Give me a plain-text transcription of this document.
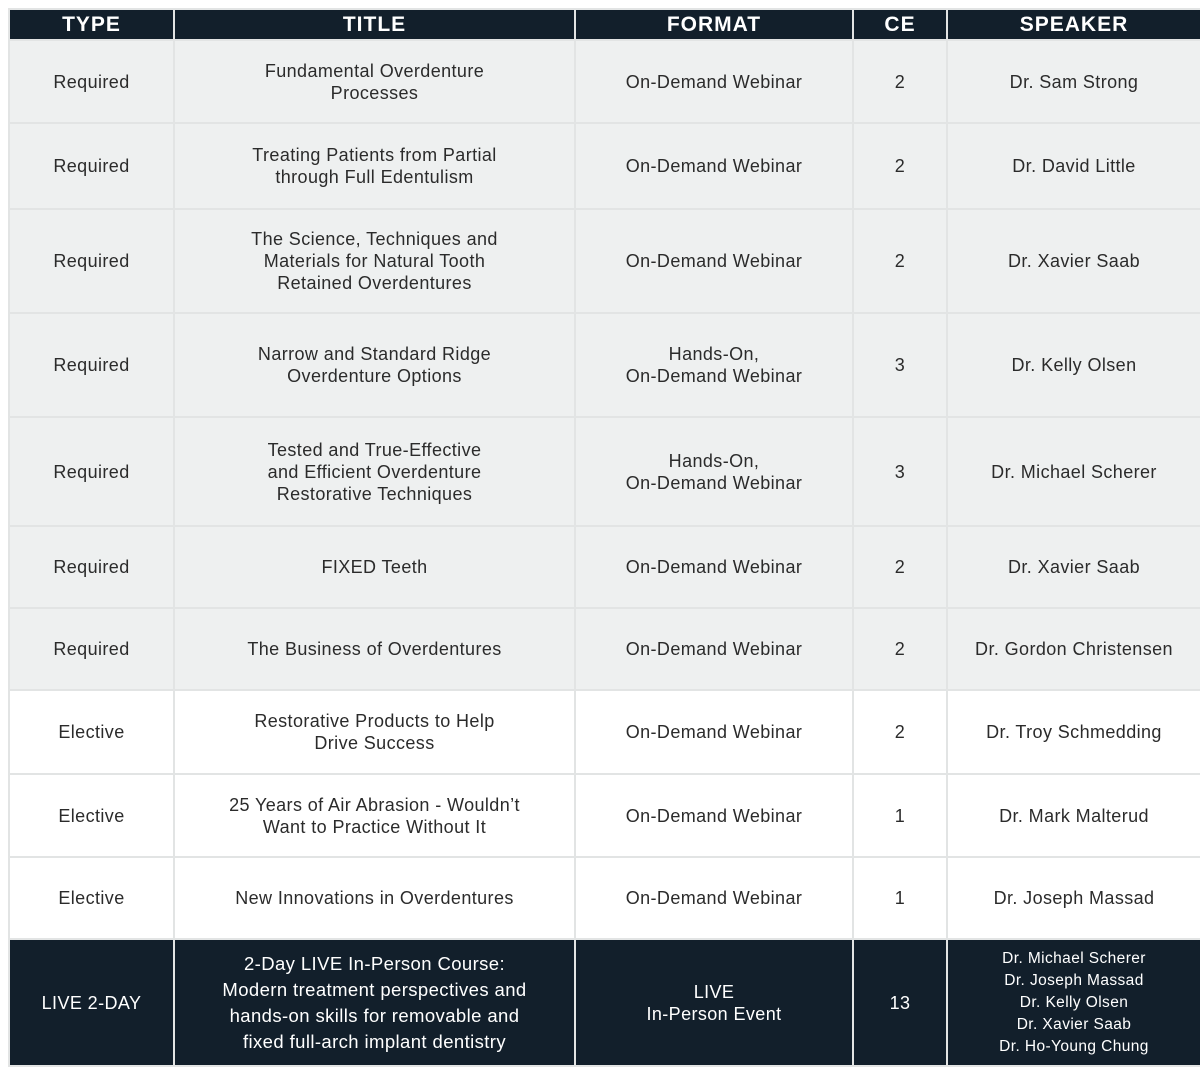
TYPE	TITLE	FORMAT	CE	SPEAKER
Required	Fundamental Overdenture
Processes	On-Demand Webinar	2	Dr. Sam Strong

Required	Treating Patients from Partial
through Full Edentulism	On-Demand Webinar	2	Dr. David Little

Required	The Science, Techniques and
Materials for Natural Tooth
Retained Overdentures	On-Demand Webinar	2	Dr. Xavier Saab

Required	Narrow and Standard Ridge
Overdenture Options	Hands-On,
On-Demand Webinar	3	Dr. Kelly Olsen

Required	Tested and True-Effective
and Efficient Overdenture
Restorative Techniques	Hands-On,
On-Demand Webinar	3	Dr. Michael Scherer

Required	FIXED Teeth	On-Demand Webinar	2	Dr. Xavier Saab

Required	The Business of Overdentures	On-Demand Webinar	2	Dr. Gordon Christensen

Elective	Restorative Products to Help
Drive Success	On-Demand Webinar	2	Dr. Troy Schmedding

Elective	25 Years of Air Abrasion - Wouldn’t
Want to Practice Without It	On-Demand Webinar	1	Dr. Mark Malterud

Elective	New Innovations in Overdentures	On-Demand Webinar	1	Dr. Joseph Massad

LIVE 2-DAY	2-Day LIVE In-Person Course:
Modern treatment perspectives and
hands-on skills for removable and
fixed full-arch implant dentistry	LIVE
In-Person Event	13	Dr. Michael Scherer
Dr. Joseph Massad
Dr. Kelly Olsen
Dr. Xavier Saab
Dr. Ho-Young Chung
